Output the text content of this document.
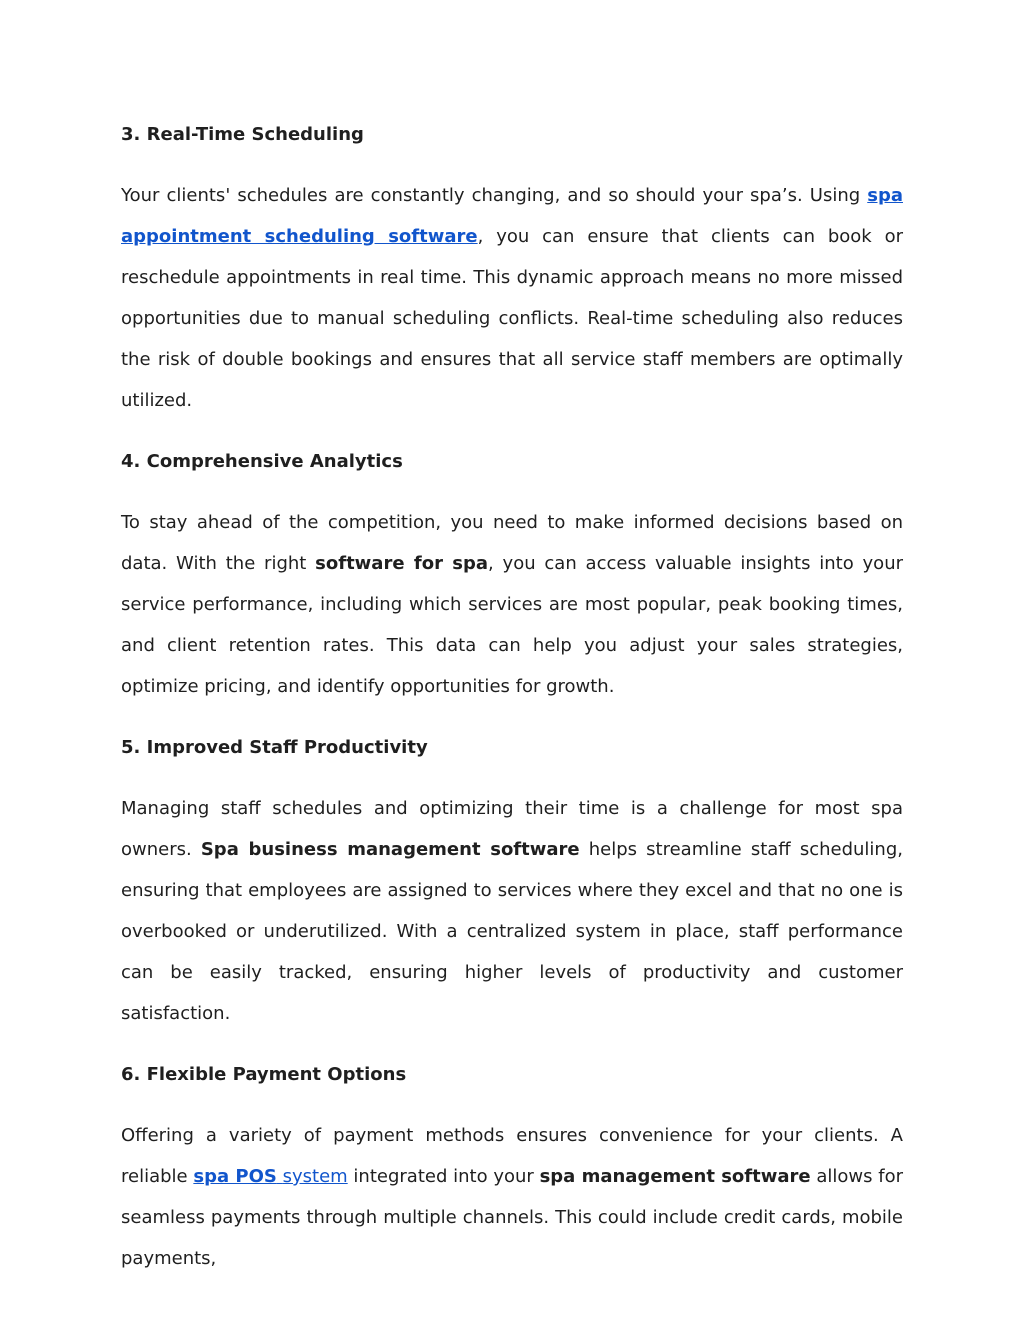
3. Real-Time Scheduling

Your clients' schedules are constantly changing, and so should your spa’s. Using spa appointment scheduling software, you can ensure that clients can book or reschedule appointments in real time. This dynamic approach means no more missed opportunities due to manual scheduling conflicts. Real-time scheduling also reduces the risk of double bookings and ensures that all service staff members are optimally utilized.

4. Comprehensive Analytics

To stay ahead of the competition, you need to make informed decisions based on data. With the right software for spa, you can access valuable insights into your service performance, including which services are most popular, peak booking times, and client retention rates. This data can help you adjust your sales strategies, optimize pricing, and identify opportunities for growth.

5. Improved Staff Productivity

Managing staff schedules and optimizing their time is a challenge for most spa owners. Spa business management software helps streamline staff scheduling, ensuring that employees are assigned to services where they excel and that no one is overbooked or underutilized. With a centralized system in place, staff performance can be easily tracked, ensuring higher levels of productivity and customer satisfaction.

6. Flexible Payment Options

Offering a variety of payment methods ensures convenience for your clients. A reliable spa POS system integrated into your spa management software allows for seamless payments through multiple channels. This could include credit cards, mobile payments,
